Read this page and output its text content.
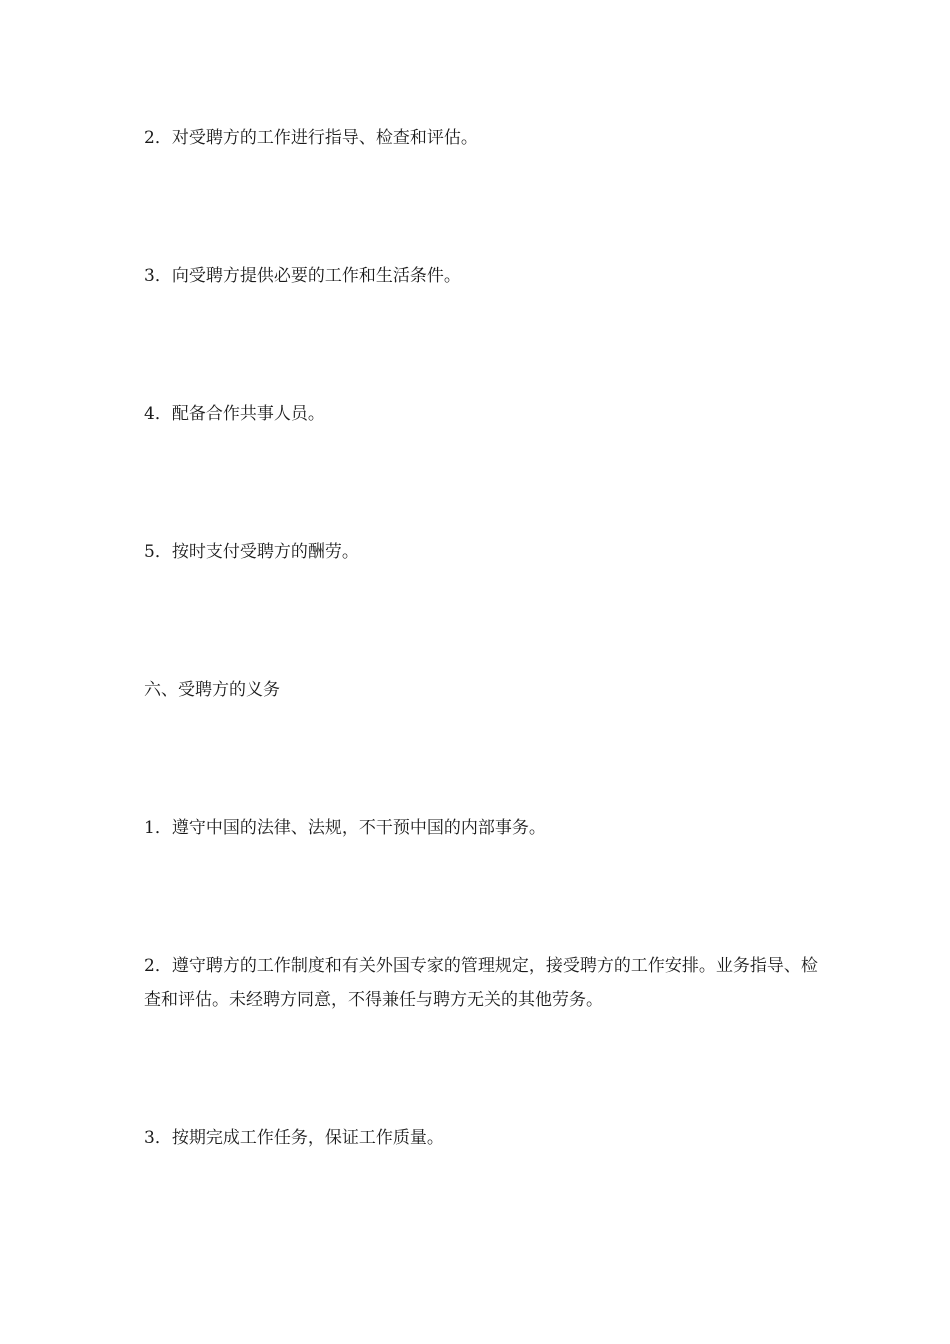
2．对受聘方的工作进行指导、检查和评估。
3．向受聘方提供必要的工作和生活条件。
4．配备合作共事人员。
5．按时支付受聘方的酬劳。
六、受聘方的义务
1．遵守中国的法律、法规，不干预中国的内部事务。
2．遵守聘方的工作制度和有关外国专家的管理规定，接受聘方的工作安排。业务指导、检查和评估。未经聘方同意，不得兼任与聘方无关的其他劳务。
3．按期完成工作任务，保证工作质量。
